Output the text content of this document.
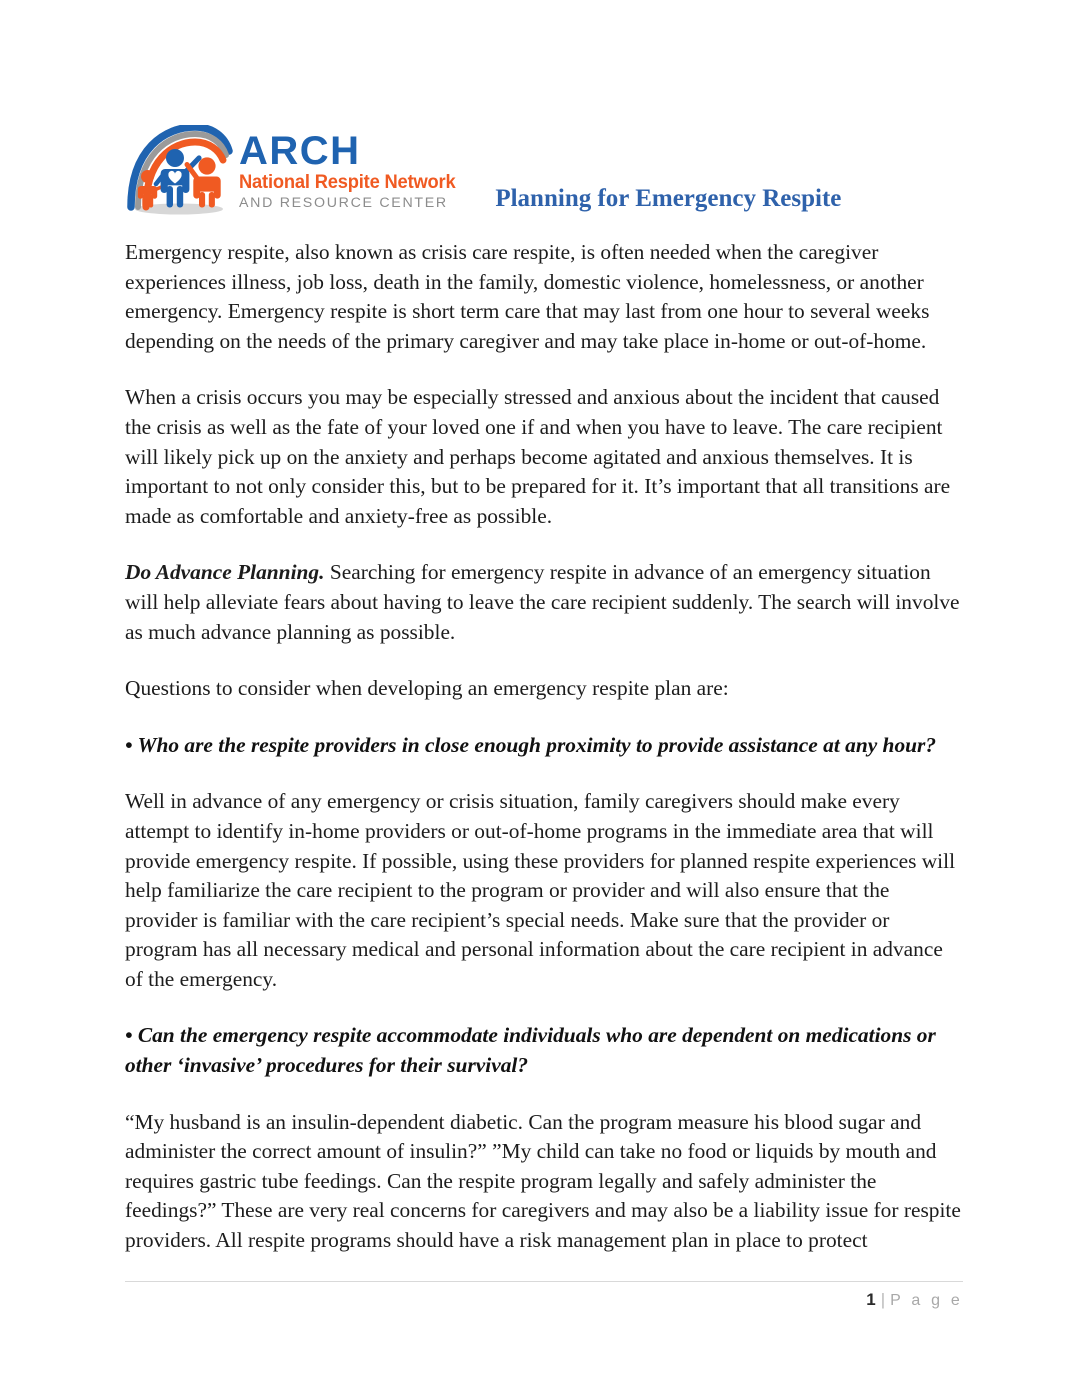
ARCH
National Respite Network
AND RESOURCE CENTER	Planning for Emergency Respite

Emergency respite, also known as crisis care respite, is often needed when the caregiver experiences illness, job loss, death in the family, domestic violence, homelessness, or another emergency. Emergency respite is short term care that may last from one hour to several weeks depending on the needs of the primary caregiver and may take place in-home or out-of-home.

When a crisis occurs you may be especially stressed and anxious about the incident that caused the crisis as well as the fate of your loved one if and when you have to leave. The care recipient will likely pick up on the anxiety and perhaps become agitated and anxious themselves. It is important to not only consider this, but to be prepared for it. It’s important that all transitions are made as comfortable and anxiety-free as possible.

Do Advance Planning. Searching for emergency respite in advance of an emergency situation will help alleviate fears about having to leave the care recipient suddenly. The search will involve as much advance planning as possible.

Questions to consider when developing an emergency respite plan are:

• Who are the respite providers in close enough proximity to provide assistance at any hour?

Well in advance of any emergency or crisis situation, family caregivers should make every attempt to identify in-home providers or out-of-home programs in the immediate area that will provide emergency respite. If possible, using these providers for planned respite experiences will help familiarize the care recipient to the program or provider and will also ensure that the provider is familiar with the care recipient’s special needs. Make sure that the provider or program has all necessary medical and personal information about the care recipient in advance of the emergency.

• Can the emergency respite accommodate individuals who are dependent on medications or other ‘invasive’ procedures for their survival?

“My husband is an insulin-dependent diabetic. Can the program measure his blood sugar and administer the correct amount of insulin?” ”My child can take no food or liquids by mouth and requires gastric tube feedings. Can the respite program legally and safely administer the feedings?” These are very real concerns for caregivers and may also be a liability issue for respite providers. All respite programs should have a risk management plan in place to protect

1 | P a g e
